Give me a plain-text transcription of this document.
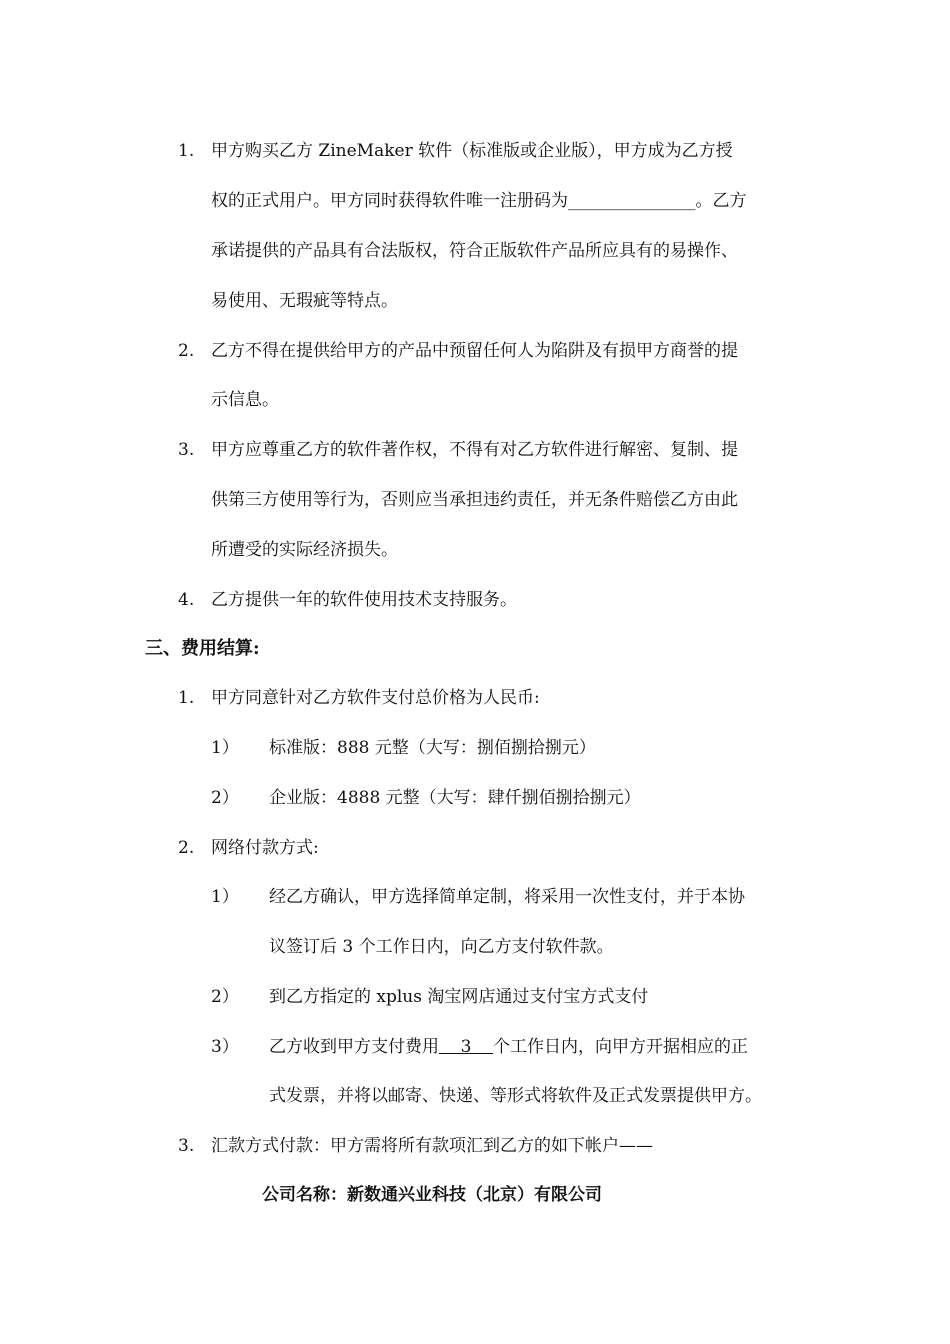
1. 甲方购买乙方 ZineMaker 软件（标准版或企业版），甲方成为乙方授
权的正式用户。甲方同时获得软件唯一注册码为_______________。乙方
承诺提供的产品具有合法版权，符合正版软件产品所应具有的易操作、
易使用、无瑕疵等特点。
2. 乙方不得在提供给甲方的产品中预留任何人为陷阱及有损甲方商誉的提
示信息。
3. 甲方应尊重乙方的软件著作权，不得有对乙方软件进行解密、复制、提
供第三方使用等行为，否则应当承担违约责任，并无条件赔偿乙方由此
所遭受的实际经济损失。
4. 乙方提供一年的软件使用技术支持服务。
三、费用结算:
1. 甲方同意针对乙方软件支付总价格为人民币:
1） 标准版：888 元整（大写：捌佰捌拾捌元）
2） 企业版：4888 元整（大写：肆仟捌佰捌拾捌元）
2. 网络付款方式:
1） 经乙方确认，甲方选择简单定制，将采用一次性支付，并于本协
议签订后 3 个工作日内，向乙方支付软件款。
2） 到乙方指定的 xplus 淘宝网店通过支付宝方式支付
3） 乙方收到甲方支付费用    3    个工作日内，向甲方开据相应的正
式发票，并将以邮寄、快递、等形式将软件及正式发票提供甲方。
3. 汇款方式付款：甲方需将所有款项汇到乙方的如下帐户——
公司名称：新数通兴业科技（北京）有限公司
